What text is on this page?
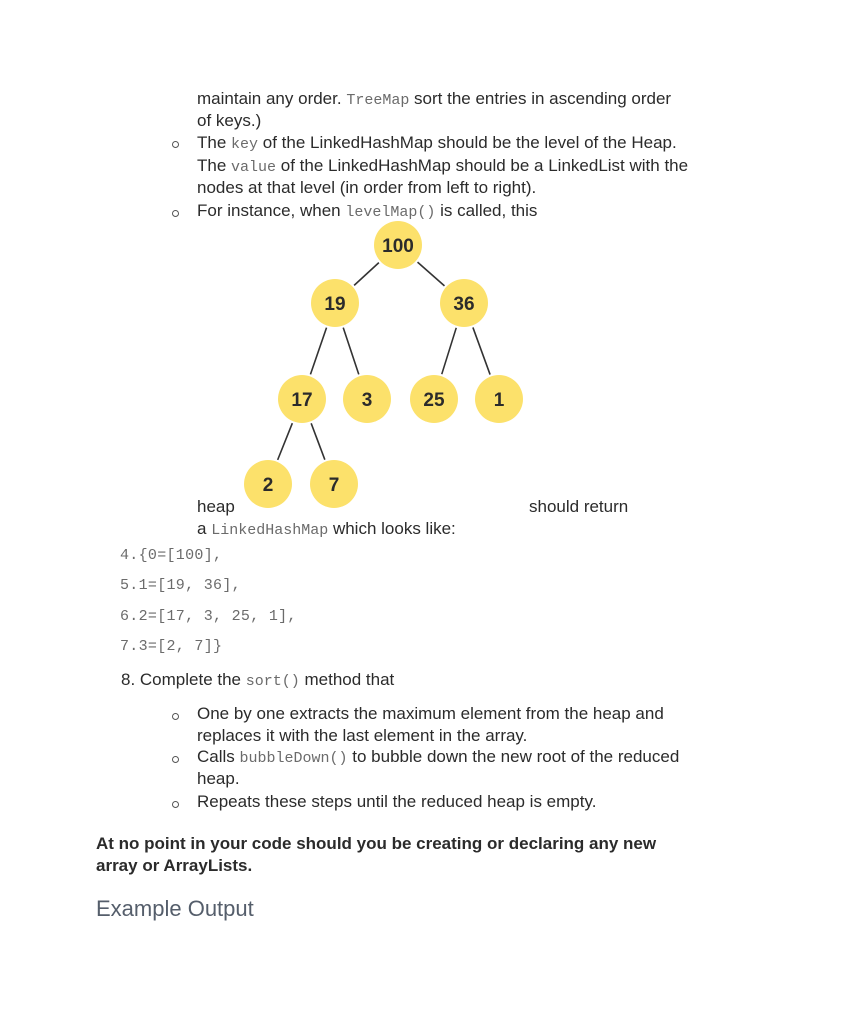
maintain any order. TreeMap sort the entries in ascending order
of keys.)
The key of the LinkedHashMap should be the level of the Heap.
The value of the LinkedHashMap should be a LinkedList with the
nodes at that level (in order from left to right).
For instance, when levelMap() is called, this
100
19	36
17	3	25	1
2	7
heap	should return
a LinkedHashMap which looks like:
4.{0=[100],
5.1=[19, 36],
6.2=[17, 3, 25, 1],
7.3=[2, 7]}
8. Complete the sort() method that
One by one extracts the maximum element from the heap and
replaces it with the last element in the array.
Calls bubbleDown() to bubble down the new root of the reduced
heap.
Repeats these steps until the reduced heap is empty.
At no point in your code should you be creating or declaring any new
array or ArrayLists.
Example Output
